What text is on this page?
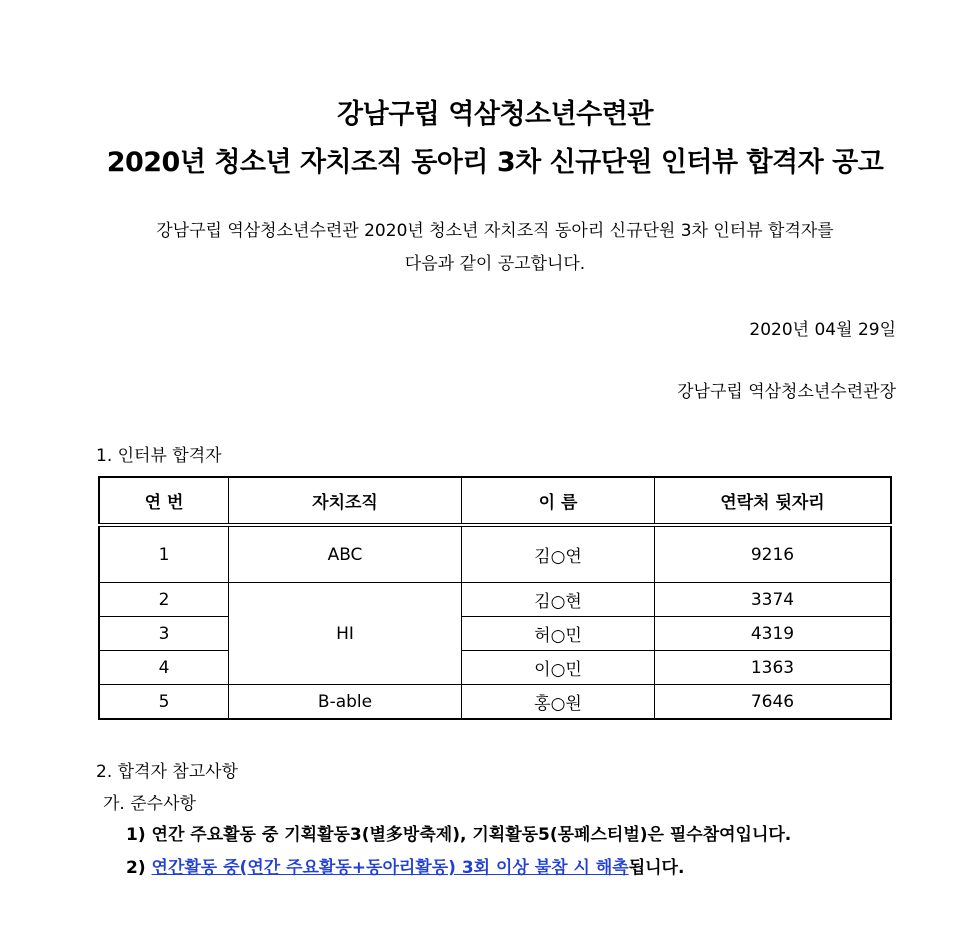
강남구립 역삼청소년수련관
2020년 청소년 자치조직 동아리 3차 신규단원 인터뷰 합격자 공고
강남구립 역삼청소년수련관 2020년 청소년 자치조직 동아리 신규단원 3차 인터뷰 합격자를
다음과 같이 공고합니다.
2020년 04월 29일
강남구립 역삼청소년수련관장
1. 인터뷰 합격자
연 번	자치조직	이 름	연락처 뒷자리
1	ABC	김○연	9216
2	HI	김○현	3374
3		허○민	4319
4		이○민	1363
5	B-able	홍○원	7646
2. 합격자 참고사항
가. 준수사항
1) 연간 주요활동 중 기획활동3(별多방축제), 기획활동5(몽페스티벌)은 필수참여입니다.
2) 연간활동 중(연간 주요활동+동아리활동) 3회 이상 불참 시 해촉됩니다.
